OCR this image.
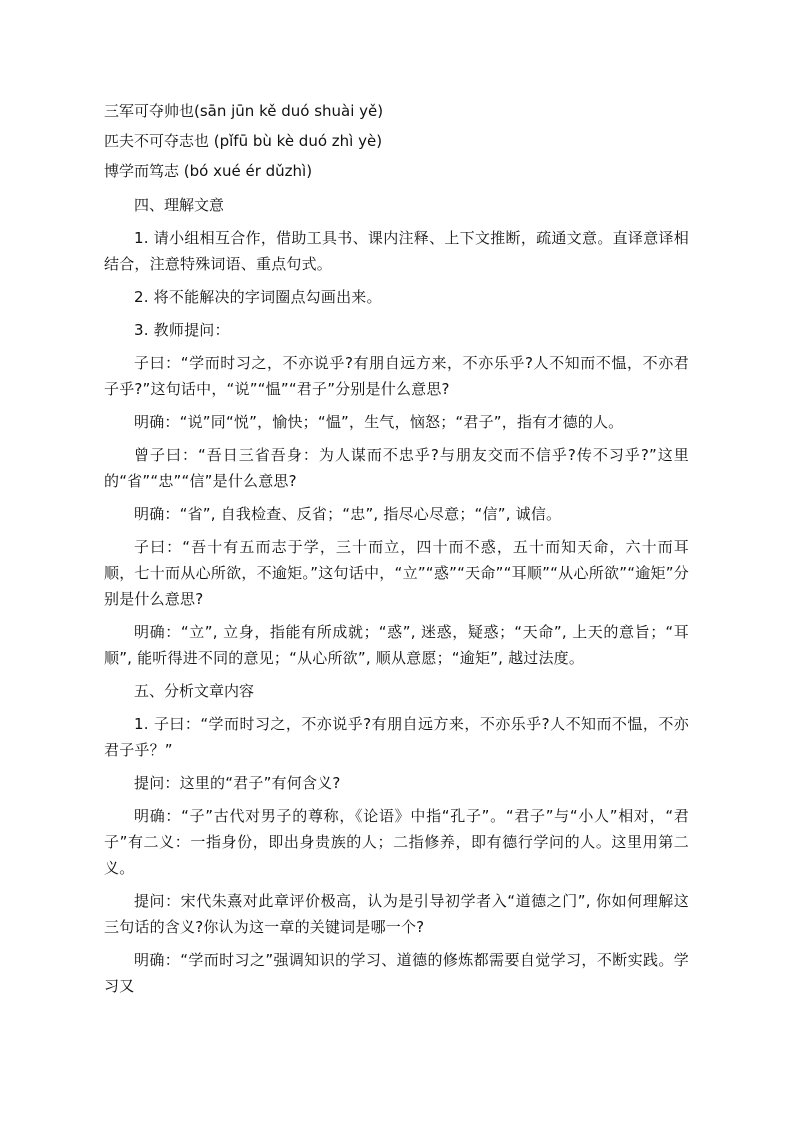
三军可夺帅也(sān jūn kě duó shuài yě)

匹夫不可夺志也 (pǐfū bù kè duó zhì yè)

博学而笃志 (bó xué ér dǔzhì)

四、理解文意

1. 请小组相互合作，借助工具书、课内注释、上下文推断，疏通文意。直译意译相结合，注意特殊词语、重点句式。

2. 将不能解决的字词圈点勾画出来。

3. 教师提问：

子曰：“学而时习之，不亦说乎?有朋自远方来，不亦乐乎?人不知而不愠，不亦君子乎?”这句话中，“说”“愠”“君子”分别是什么意思?

明确：“说”同“悦”，愉快；“愠”，生气，恼怒；“君子”，指有才德的人。

曾子曰：“吾日三省吾身：为人谋而不忠乎?与朋友交而不信乎?传不习乎?”这里的“省”“忠”“信”是什么意思?

明确：“省”, 自我检查、反省；“忠”, 指尽心尽意；“信”, 诚信。

子曰：“吾十有五而志于学，三十而立，四十而不惑，五十而知天命，六十而耳顺，七十而从心所欲，不逾矩。”这句话中，“立”“惑”“天命”“耳顺”“从心所欲”“逾矩”分别是什么意思?

明确：“立”, 立身，指能有所成就；“惑”, 迷惑，疑惑；“天命”, 上天的意旨；“耳顺”, 能听得进不同的意见；“从心所欲”, 顺从意愿；“逾矩”, 越过法度。

五、分析文章内容

1. 子曰：“学而时习之，不亦说乎?有朋自远方来，不亦乐乎?人不知而不愠，不亦君子乎？”

提问：这里的“君子”有何含义?

明确：“子”古代对男子的尊称，《论语》中指“孔子”。“君子”与“小人”相对，“君子”有二义：一指身份，即出身贵族的人；二指修养，即有德行学问的人。这里用第二义。

提问：宋代朱熹对此章评价极高，认为是引导初学者入“道德之门”, 你如何理解这三句话的含义?你认为这一章的关键词是哪一个?

明确：“学而时习之”强调知识的学习、道德的修炼都需要自觉学习，不断实践。学习又
